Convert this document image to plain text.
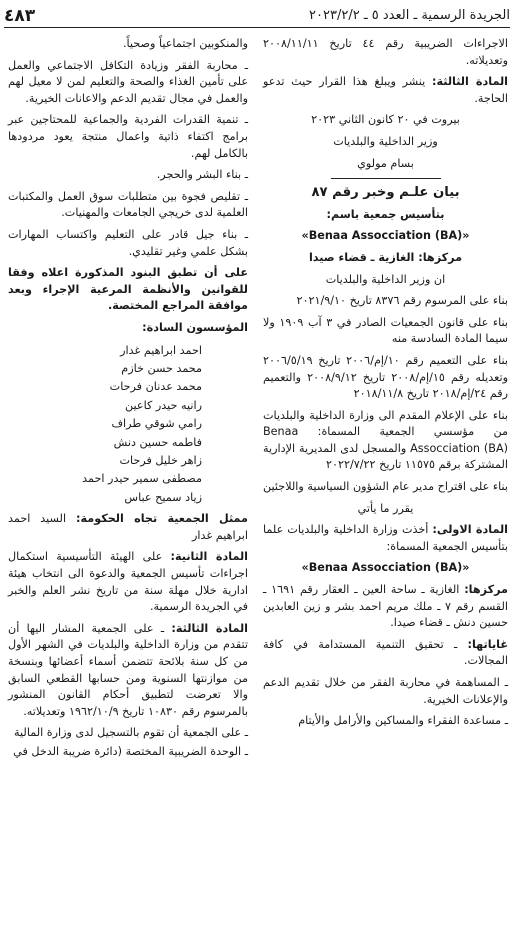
الجريدة الرسمية ـ العدد ٥ ـ ٢٠٢٣/٢/٢
٤٨٣

الاجراءات الضريبية رقم ٤٤ تاريخ ٢٠٠٨/١١/١١ وتعديلاته.

المادة الثالثة: ينشر ويبلغ هذا القرار حيث تدعو الحاجة.

بيروت في ٢٠ كانون الثاني ٢٠٢٣

وزير الداخلية والبلديات

بسام مولوي

بيان علـم وخبر رقم ٨٧

بتأسيس جمعية باسم:

«Benaa Assocciation (BA)»

مركزها: الغازية ـ قضاء صيدا

ان وزير الداخلية والبلديات

بناء على المرسوم رقم ٨٣٧٦ تاريخ ٢٠٢١/٩/١٠

بناء على قانون الجمعيات الصادر في ٣ آب ١٩٠٩ ولا سيما المادة السادسة منه

بناء على التعميم رقم ١٠/إم/٢٠٠٦ تاريخ ٢٠٠٦/٥/١٩ وتعديله رقم ١٥/إم/٢٠٠٨ تاريخ ٢٠٠٨/٩/١٢ والتعميم رقم ٢٤/إم/٢٠١٨ تاريخ ٢٠١٨/١١/٨

بناء على الإعلام المقدم الى وزارة الداخلية والبلديات من مؤسسي الجمعية المسماة: Benaa Assocciation (BA) والمسجل لدى المديرية الإدارية المشتركة برقم ١١٥٧٥ تاريخ ٢٠٢٢/٧/٢٢

بناء على اقتراح مدير عام الشؤون السياسية واللاجئين

يقرر ما يأتي

المادة الاولى: أخذت وزارة الداخلية والبلديات علما بتأسيس الجمعية المسماة:

«Benaa Assocciation (BA)»

مركزها: الغازية ـ ساحة العين ـ العقار رقم ١٦٩١ ـ القسم رقم ٧ ـ ملك مريم احمد بشر و زين العابدين حسين دنش ـ قضاء صيدا.

غاياتها: ـ تحقيق التنمية المستدامة في كافة المجالات.

ـ المساهمة في محاربة الفقر من خلال تقديم الدعم والإعلانات الخيرية.

ـ مساعدة الفقراء والمساكين والأرامل والأيتام

والمنكوبين اجتماعياً وصحياً.

ـ محاربة الفقر وزيادة التكافل الاجتماعي والعمل على تأمين الغذاء والصحة والتعليم لمن لا معيل لهم والعمل في مجال تقديم الدعم والاعانات الخيرية.

ـ تنمية القدرات الفردية والجماعية للمحتاجين عبر برامج اكتفاء ذاتية واعمال منتجة يعود مردودها بالكامل لهم.

ـ بناء البشر والحجر.

ـ تقليص فجوة بين متطلبات سوق العمل والمكتبات العلمية لدى خريجي الجامعات والمهنيات.

ـ بناء جيل قادر على التعليم واكتساب المهارات بشكل علمي وغير تقليدي.

على أن تطبق البنود المذكورة اعلاه وفقا للقوانين والأنظمة المرعية الإجراء وبعد موافقة المراجع المختصة.

المؤسسون السادة:

احمد ابراهيم غدار
محمد حسن خازم
محمد عدنان فرحات
رانيه حيدر كاعين
رامي شوقي طراف
فاطمه حسين دنش
زاهر خليل فرحات
مصطفى سمير حيدر احمد
زياد سميح عباس

ممثل الجمعية تجاه الحكومة: السيد احمد ابراهيم غدار

المادة الثانية: على الهيئة التأسيسية استكمال اجراءات تأسيس الجمعية والدعوة الى انتخاب هيئة ادارية خلال مهلة سنة من تاريخ نشر العلم والخبر في الجريدة الرسمية.

المادة الثالثة: ـ على الجمعية المشار اليها أن تتقدم من وزارة الداخلية والبلديات في الشهر الأول من كل سنة بلائحة تتضمن أسماء أعضائها وبنسخة من موازنتها السنوية ومن حسابها القطعي السابق والا تعرضت لتطبيق أحكام القانون المنشور بالمرسوم رقم ١٠٨٣٠ تاريخ ١٩٦٢/١٠/٩ وتعديلاته.

ـ على الجمعية أن تقوم بالتسجيل لدى وزارة المالية

ـ الوحدة الضريبية المختصة (دائرة ضريبة الدخل في
